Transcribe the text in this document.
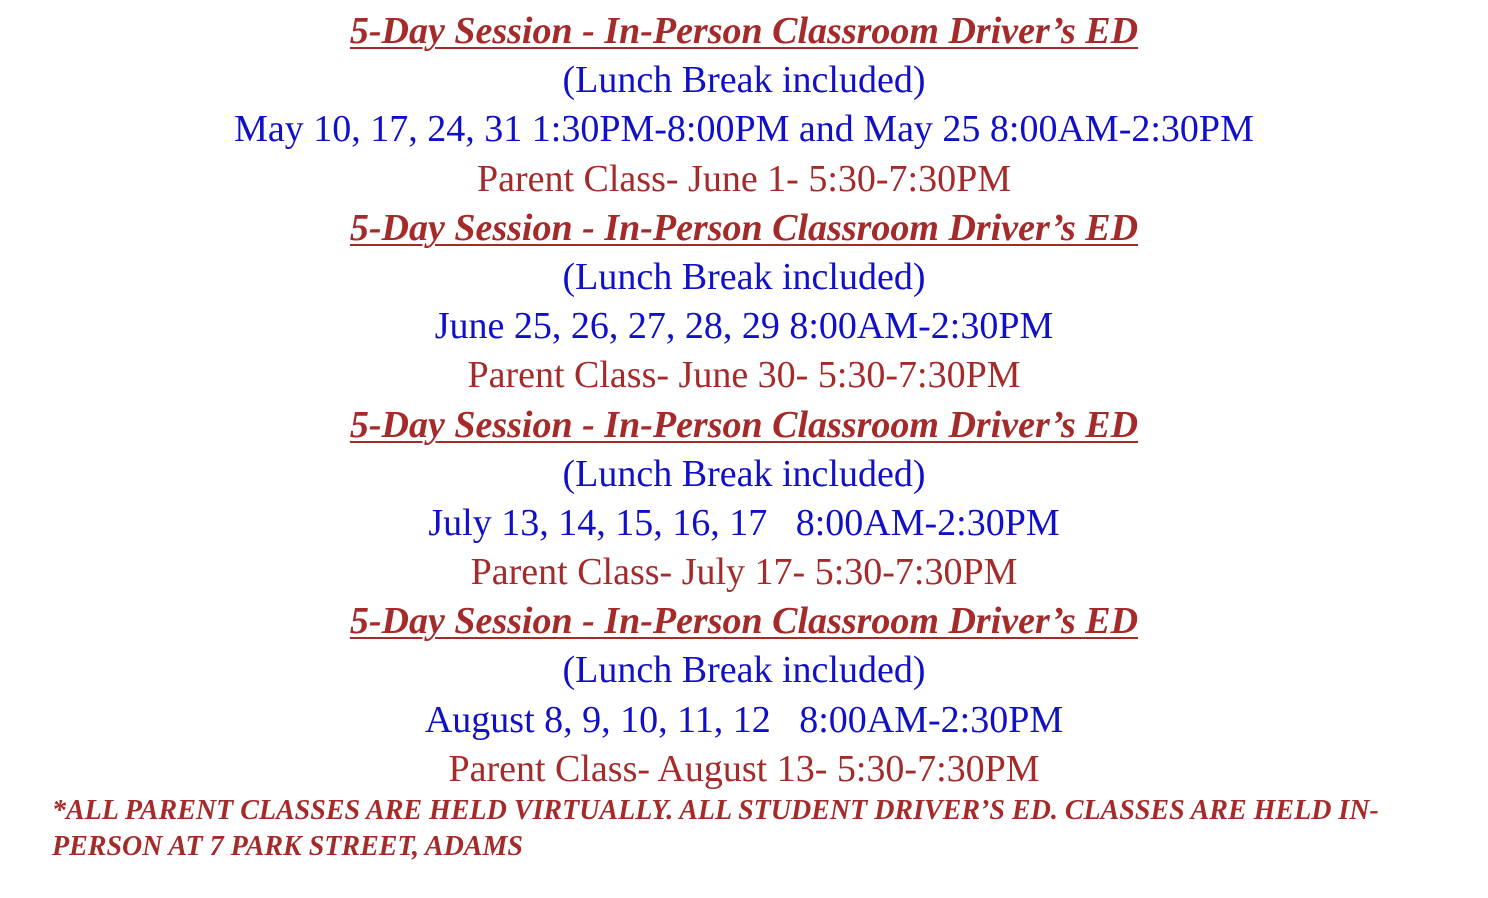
5-Day Session - In-Person Classroom Driver’s ED
(Lunch Break included)
May 10, 17, 24, 31 1:30PM-8:00PM and May 25 8:00AM-2:30PM
Parent Class- June 1- 5:30-7:30PM
5-Day Session - In-Person Classroom Driver’s ED
(Lunch Break included)
June 25, 26, 27, 28, 29 8:00AM-2:30PM
Parent Class- June 30- 5:30-7:30PM
5-Day Session - In-Person Classroom Driver’s ED
(Lunch Break included)
July 13, 14, 15, 16, 17   8:00AM-2:30PM
Parent Class- July 17- 5:30-7:30PM
5-Day Session - In-Person Classroom Driver’s ED
(Lunch Break included)
August 8, 9, 10, 11, 12   8:00AM-2:30PM
Parent Class- August 13- 5:30-7:30PM
*ALL PARENT CLASSES ARE HELD VIRTUALLY. ALL STUDENT DRIVER’S ED. CLASSES ARE HELD IN-PERSON AT 7 PARK STREET, ADAMS
